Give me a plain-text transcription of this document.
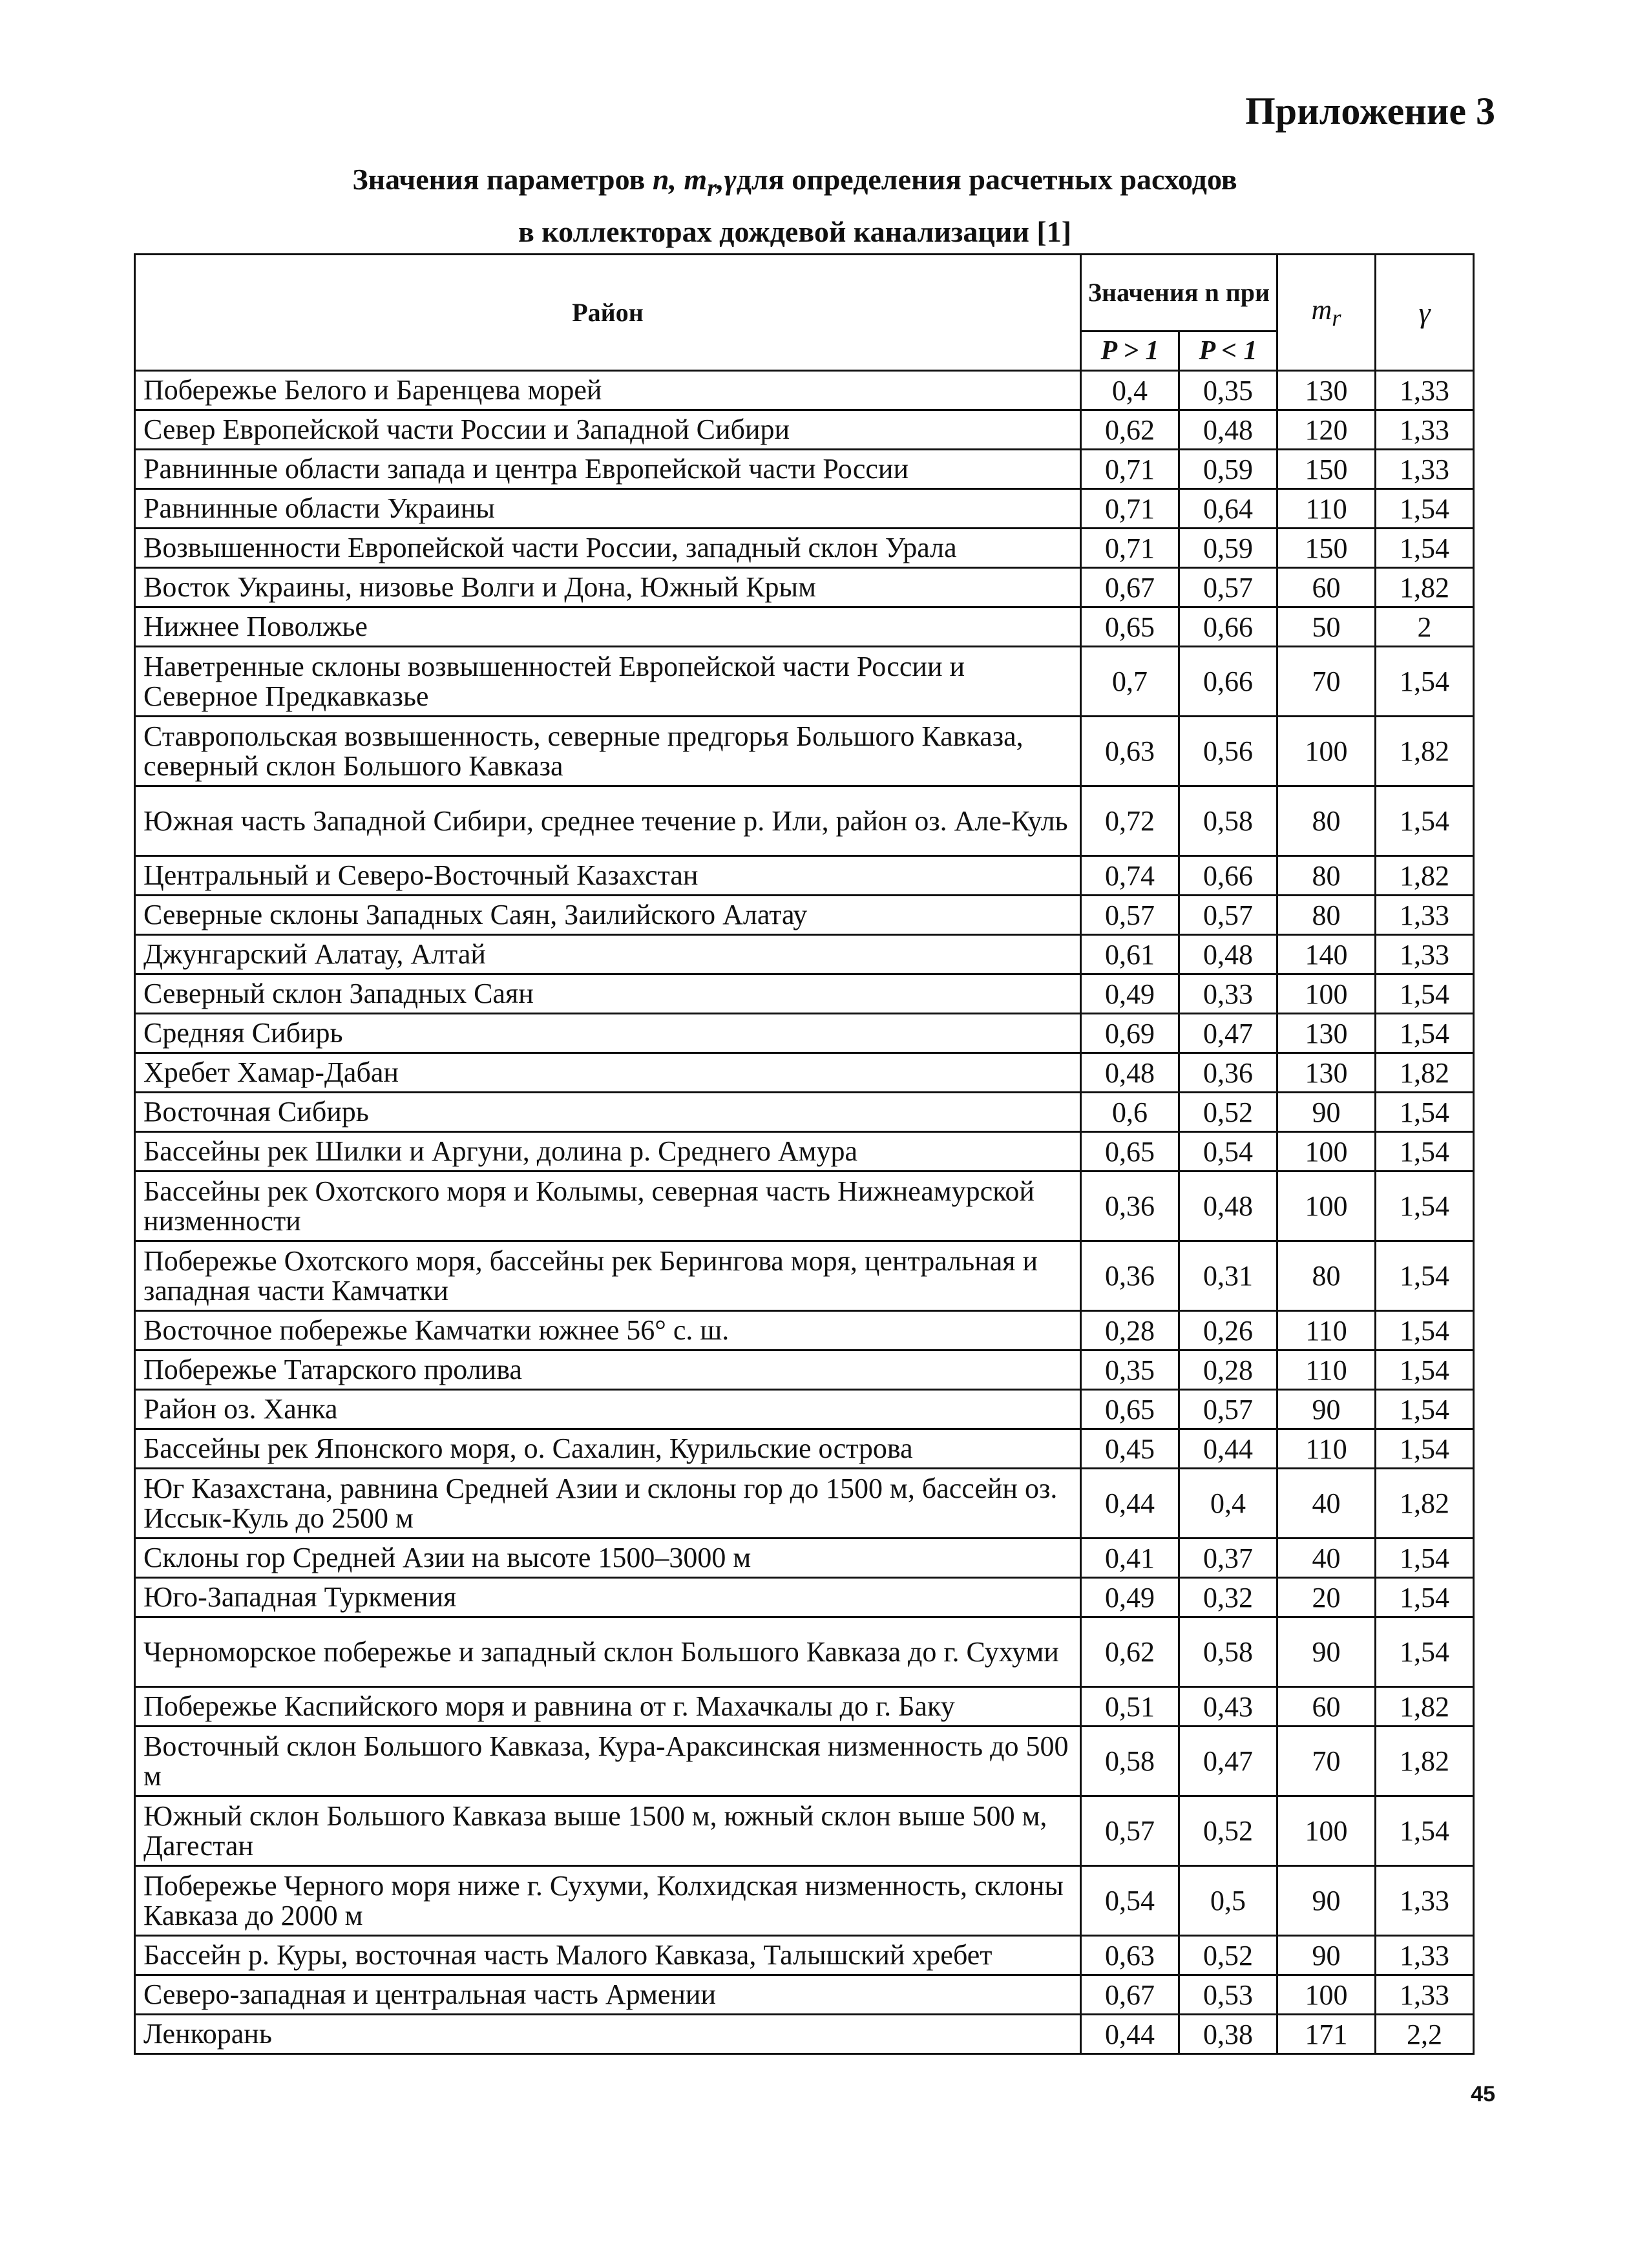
Приложение 3
Значения параметров n, $m_r,\gamma для$ определения расчетных расходов
в коллекторах дождевой канализации [1]
Район	Значения n при		$m_r$	γ
	P > 1	P < 1		
Побережье Белого и Баренцева морей	0,4	0,35	130	1,33
Север Европейской части России и Западной Сибири	0,62	0,48	120	1,33
Равнинные области запада и центра Европейской части России	0,71	0,59	150	1,33
Равнинные области Украины	0,71	0,64	110	1,54
Возвышенности Европейской части России, западный склон Урала	0,71	0,59	150	1,54
Восток Украины, низовье Волги и Дона, Южный Крым	0,67	0,57	60	1,82
Нижнее Поволжье	0,65	0,66	50	2
Наветренные склоны возвышенностей Европейской части России и Северное Предкавказье	0,7	0,66	70	1,54
Ставропольская возвышенность, северные предгорья Большого Кавказа, северный склон Большого Кавказа	0,63	0,56	100	1,82
Южная часть Западной Сибири, среднее течение р. Или, район оз. Але-Куль	0,72	0,58	80	1,54
Центральный и Северо-Восточный Казахстан	0,74	0,66	80	1,82
Северные склоны Западных Саян, Заилийского Алатау	0,57	0,57	80	1,33
Джунгарский Алатау, Алтай	0,61	0,48	140	1,33
Северный склон Западных Саян	0,49	0,33	100	1,54
Средняя Сибирь	0,69	0,47	130	1,54
Хребет Хамар-Дабан	0,48	0,36	130	1,82
Восточная Сибирь	0,6	0,52	90	1,54
Бассейны рек Шилки и Аргуни, долина р. Среднего Амура	0,65	0,54	100	1,54
Бассейны рек Охотского моря и Колымы, северная часть Нижнеамурской низменности	0,36	0,48	100	1,54
Побережье Охотского моря, бассейны рек Берингова моря, центральная и западная части Камчатки	0,36	0,31	80	1,54
Восточное побережье Камчатки южнее 56° с. ш.	0,28	0,26	110	1,54
Побережье Татарского пролива	0,35	0,28	110	1,54
Район оз. Ханка	0,65	0,57	90	1,54
Бассейны рек Японского моря, о. Сахалин, Курильские острова	0,45	0,44	110	1,54
Юг Казахстана, равнина Средней Азии и склоны гор до 1500 м, бассейн оз. Иссык-Куль до 2500 м	0,44	0,4	40	1,82
Склоны гор Средней Азии на высоте 1500–3000 м	0,41	0,37	40	1,54
Юго-Западная Туркмения	0,49	0,32	20	1,54
Черноморское побережье и западный склон Большого Кавказа до г. Сухуми	0,62	0,58	90	1,54
Побережье Каспийского моря и равнина от г. Махачкалы до г. Баку	0,51	0,43	60	1,82
Восточный склон Большого Кавказа, Кура-Араксинская низменность до 500 м	0,58	0,47	70	1,82
Южный склон Большого Кавказа выше 1500 м, южный склон выше 500 м, Дагестан	0,57	0,52	100	1,54
Побережье Черного моря ниже г. Сухуми, Колхидская низменность, склоны Кавказа до 2000 м	0,54	0,5	90	1,33
Бассейн р. Куры, восточная часть Малого Кавказа, Талышский хребет	0,63	0,52	90	1,33
Северо-западная и центральная часть Армении	0,67	0,53	100	1,33
Ленкорань	0,44	0,38	171	2,2
45
